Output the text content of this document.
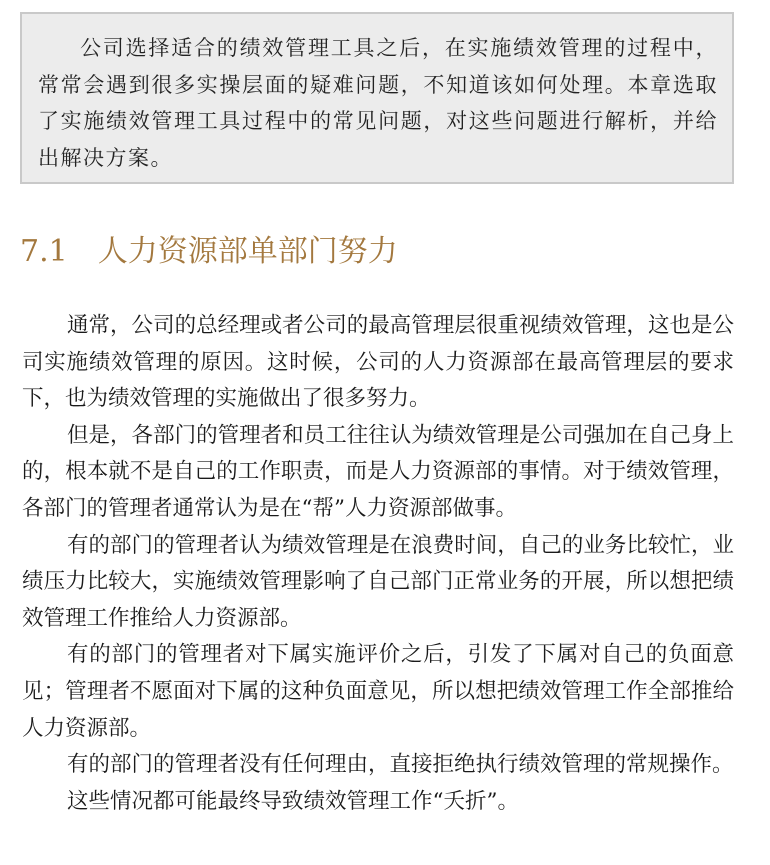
公司选择适合的绩效管理工具之后，在实施绩效管理的过程中，常常会遇到很多实操层面的疑难问题，不知道该如何处理。本章选取了实施绩效管理工具过程中的常见问题，对这些问题进行解析，并给出解决方案。

7.1 人力资源部单部门努力

通常，公司的总经理或者公司的最高管理层很重视绩效管理，这也是公司实施绩效管理的原因。这时候，公司的人力资源部在最高管理层的要求下，也为绩效管理的实施做出了很多努力。

但是，各部门的管理者和员工往往认为绩效管理是公司强加在自己身上的，根本就不是自己的工作职责，而是人力资源部的事情。对于绩效管理，各部门的管理者通常认为是在“帮”人力资源部做事。

有的部门的管理者认为绩效管理是在浪费时间，自己的业务比较忙，业绩压力比较大，实施绩效管理影响了自己部门正常业务的开展，所以想把绩效管理工作推给人力资源部。

有的部门的管理者对下属实施评价之后，引发了下属对自己的负面意见；管理者不愿面对下属的这种负面意见，所以想把绩效管理工作全部推给人力资源部。

有的部门的管理者没有任何理由，直接拒绝执行绩效管理的常规操作。

这些情况都可能最终导致绩效管理工作“夭折”。
